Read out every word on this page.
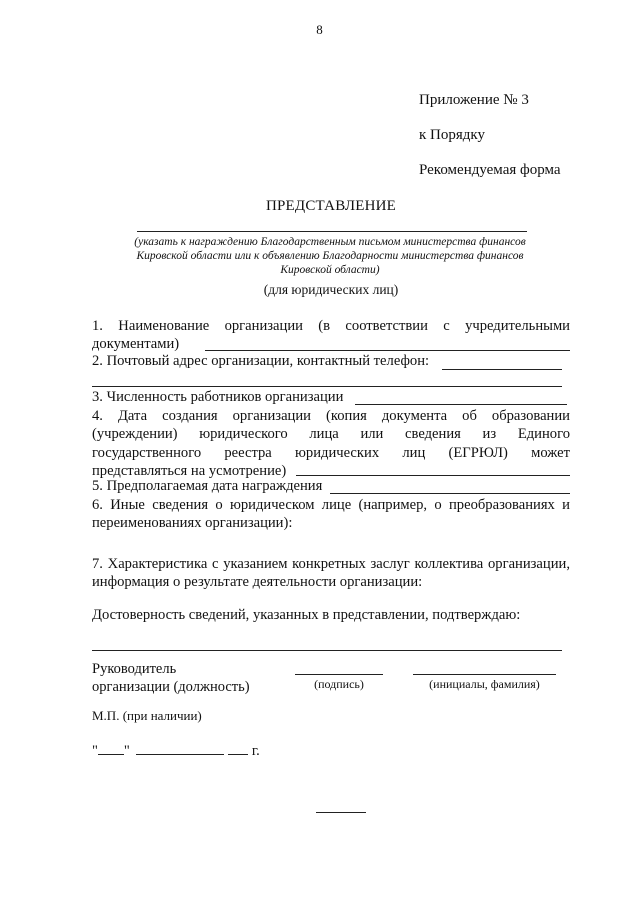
8
Приложение № 3
к Порядку
Рекомендуемая форма
ПРЕДСТАВЛЕНИЕ
(указать к награждению Благодарственным письмом министерства финансов
Кировской области или к объявлению Благодарности министерства финансов
Кировской области)
(для юридических лиц)
1. Наименование организации (в соответствии с учредительными документами)
2. Почтовый адрес организации, контактный телефон:
3. Численность работников организации
4. Дата создания организации (копия документа об образовании (учреждении) юридического лица или сведения из Единого государственного реестра юридических лиц (ЕГРЮЛ) может представляться на усмотрение)
5. Предполагаемая дата награждения
6. Иные сведения о юридическом лице (например, о преобразованиях и переименованиях организации):
7. Характеристика с указанием конкретных заслуг коллектива организации, информация о результате деятельности организации:
Достоверность сведений, указанных в представлении, подтверждаю:
Руководитель
организации (должность)	(подпись)	(инициалы, фамилия)
М.П. (при наличии)
" "	г.
